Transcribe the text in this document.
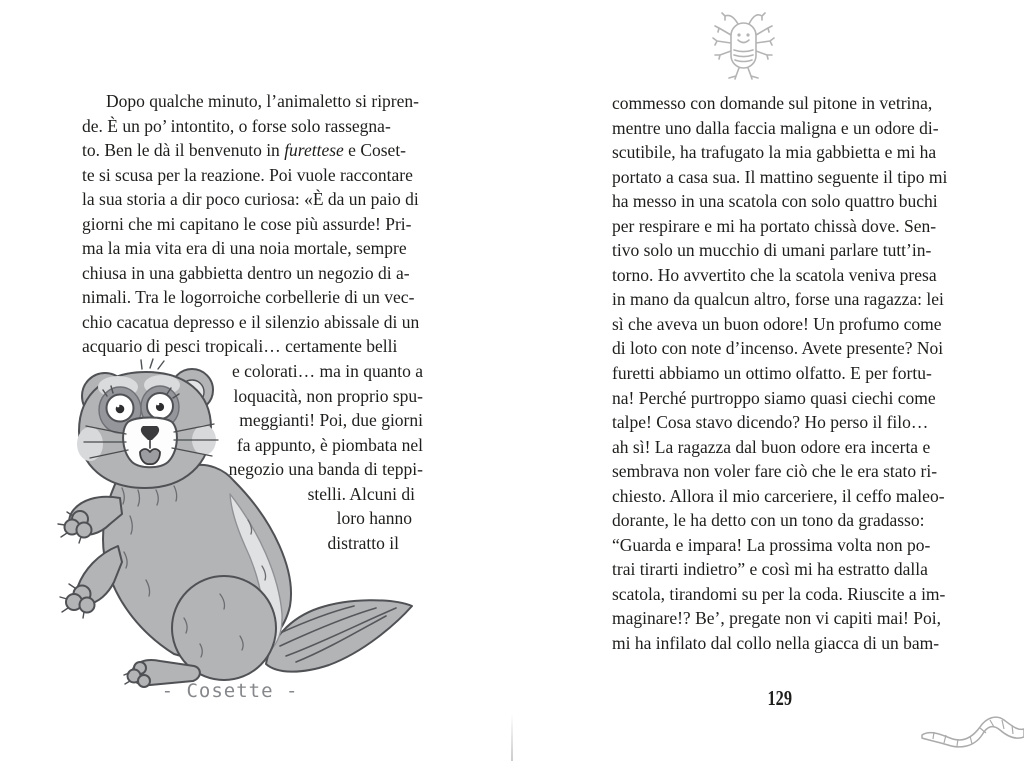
Dopo qualche minuto, l’animaletto si ripren-
de. È un po’ intontito, o forse solo rassegna-
to. Ben le dà il benvenuto in furettese e Coset-
te si scusa per la reazione. Poi vuole raccontare
la sua storia a dir poco curiosa: «È da un paio di
giorni che mi capitano le cose più assurde! Pri-
ma la mia vita era di una noia mortale, sempre
chiusa in una gabbietta dentro un negozio di a-
nimali. Tra le logorroiche corbellerie di un vec-
chio cacatua depresso e il silenzio abissale di un
acquario di pesci tropicali… certamente belli
e colorati… ma in quanto a
loquacità, non proprio spu-
meggianti! Poi, due giorni
fa appunto, è piombata nel
negozio una banda di teppi-
stelli. Alcuni di
loro hanno
distratto il
- Cosette -
commesso con domande sul pitone in vetrina,
mentre uno dalla faccia maligna e un odore di-
scutibile, ha trafugato la mia gabbietta e mi ha
portato a casa sua. Il mattino seguente il tipo mi
ha messo in una scatola con solo quattro buchi
per respirare e mi ha portato chissà dove. Sen-
tivo solo un mucchio di umani parlare tutt’in-
torno. Ho avvertito che la scatola veniva presa
in mano da qualcun altro, forse una ragazza: lei
sì che aveva un buon odore! Un profumo come
di loto con note d’incenso. Avete presente? Noi
furetti abbiamo un ottimo olfatto. E per fortu-
na! Perché purtroppo siamo quasi ciechi come
talpe! Cosa stavo dicendo? Ho perso il filo…
ah sì! La ragazza dal buon odore era incerta e
sembrava non voler fare ciò che le era stato ri-
chiesto. Allora il mio carceriere, il ceffo maleo-
dorante, le ha detto con un tono da gradasso:
“Guarda e impara! La prossima volta non po-
trai tirarti indietro” e così mi ha estratto dalla
scatola, tirandomi su per la coda. Riuscite a im-
maginare!? Be’, pregate non vi capiti mai! Poi,
mi ha infilato dal collo nella giacca di un bam-
129
